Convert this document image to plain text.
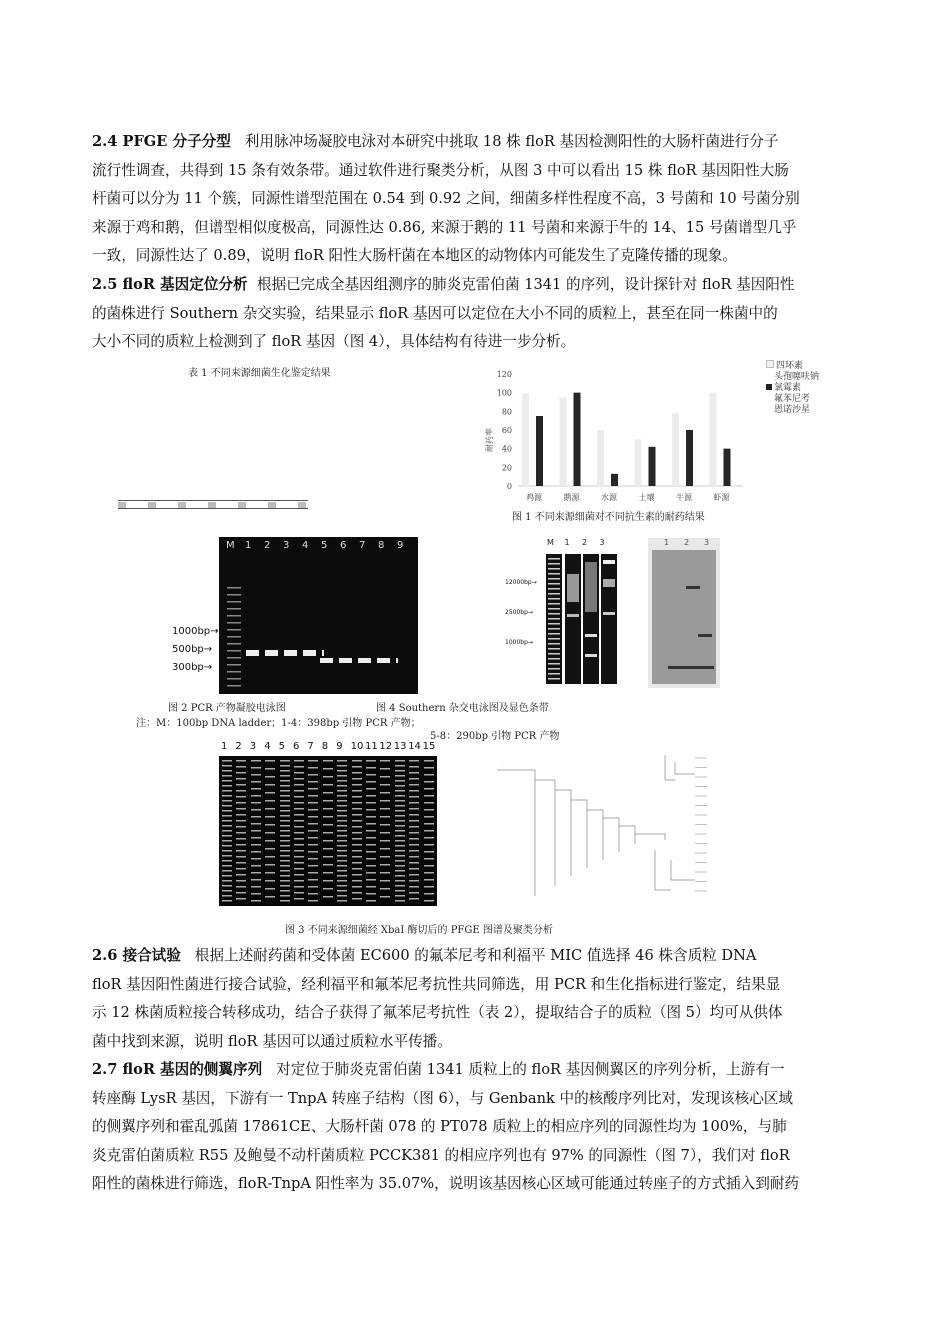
2.4 PFGE 分子分型 利用脉冲场凝胶电泳对本研究中挑取 18 株 floR 基因检测阳性的大肠杆菌进行分子
流行性调查，共得到 15 条有效条带。通过软件进行聚类分析，从图 3 中可以看出 15 株 floR 基因阳性大肠
杆菌可以分为 11 个簇，同源性谱型范围在 0.54 到 0.92 之间，细菌多样性程度不高，3 号菌和 10 号菌分别
来源于鸡和鹅，但谱型相似度极高，同源性达 0.86, 来源于鹅的 11 号菌和来源于牛的 14、15 号菌谱型几乎
一致，同源性达了 0.89，说明 floR 阳性大肠杆菌在本地区的动物体内可能发生了克隆传播的现象。
2.5 floR 基因定位分析 根据已完成全基因组测序的肺炎克雷伯菌 1341 的序列，设计探针对 floR 基因阳性
的菌株进行 Southern 杂交实验，结果显示 floR 基因可以定位在大小不同的质粒上，甚至在同一株菌中的
大小不同的质粒上检测到了 floR 基因（图 4），具体结构有待进一步分析。
表 1 不同来源细菌生化鉴定结果
耐药率
0
20
40
60
80
100
120
鸡源	鹅源	水源	土壤	牛源	虾源
四环素
头孢噻呋钠
氯霉素
氟苯尼考
恩诺沙星
图 1 不同来源细菌对不同抗生素的耐药结果
1000bp→
500bp→
300bp→
M 1 2 3 4 5 6 7 8 9
图 2 PCR 产物凝胶电泳图
注：M：100bp DNA ladder；1-4：398bp 引物 PCR 产物；
5-8：290bp 引物 PCR 产物
12000bp→
2500bp→
1000bp→
M 1 2 3	1 2 3
图 4 Southern 杂交电泳图及显色条带
1 2 3 4 5 6 7 8 9 10 11 12 13 14 15
·
·
·
·
·
图 3 不同来源细菌经 XbaI 酶切后的 PFGE 图谱及聚类分析
2.6 接合试验 根据上述耐药菌和受体菌 EC600 的氟苯尼考和利福平 MIC 值选择 46 株含质粒 DNA
floR 基因阳性菌进行接合试验，经利福平和氟苯尼考抗性共同筛选，用 PCR 和生化指标进行鉴定，结果显
示 12 株菌质粒接合转移成功，结合子获得了氟苯尼考抗性（表 2），提取结合子的质粒（图 5）均可从供体
菌中找到来源，说明 floR 基因可以通过质粒水平传播。
2.7 floR 基因的侧翼序列 对定位于肺炎克雷伯菌 1341 质粒上的 floR 基因侧翼区的序列分析，上游有一
转座酶 LysR 基因，下游有一 TnpA 转座子结构（图 6），与 Genbank 中的核酸序列比对，发现该核心区域
的侧翼序列和霍乱弧菌 17861CE、大肠杆菌 078 的 PT078 质粒上的相应序列的同源性均为 100%，与肺
炎克雷伯菌质粒 R55 及鲍曼不动杆菌质粒 PCCK381 的相应序列也有 97% 的同源性（图 7），我们对 floR
阳性的菌株进行筛选，floR-TnpA 阳性率为 35.07%，说明该基因核心区域可能通过转座子的方式插入到耐药
